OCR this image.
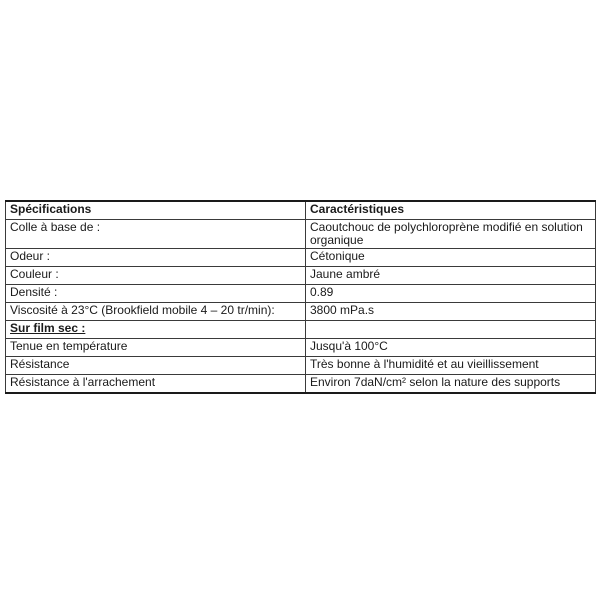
Spécifications	Caractéristiques
Colle à base de :	Caoutchouc de polychloroprène modifié en solution organique
Odeur :	Cétonique
Couleur :	Jaune ambré
Densité :	0.89
Viscosité à 23°C (Brookfield mobile 4 – 20 tr/min):	3800 mPa.s
Sur film sec :	
Tenue en température	Jusqu'à 100°C
Résistance	Très bonne à l'humidité et au vieillissement
Résistance à l'arrachement	Environ 7daN/cm² selon la nature des supports
